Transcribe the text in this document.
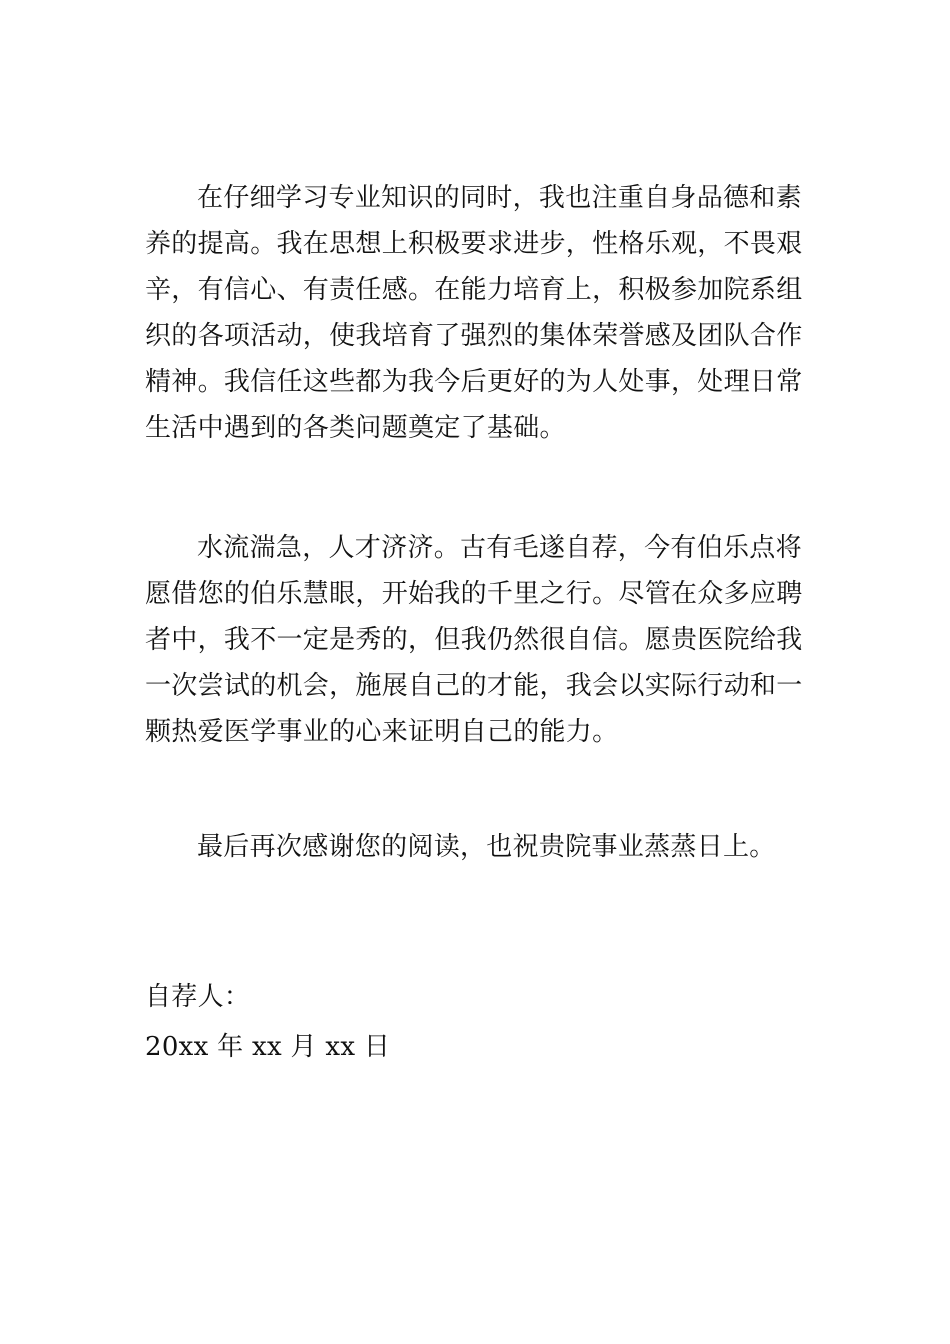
在仔细学习专业知识的同时，我也注重自身品德和素
养的提高。我在思想上积极要求进步，性格乐观，不畏艰
辛，有信心、有责任感。在能力培育上，积极参加院系组
织的各项活动，使我培育了强烈的集体荣誉感及团队合作
精神。我信任这些都为我今后更好的为人处事，处理日常
生活中遇到的各类问题奠定了基础。
水流湍急，人才济济。古有毛遂自荐，今有伯乐点将
愿借您的伯乐慧眼，开始我的千里之行。尽管在众多应聘
者中，我不一定是秀的，但我仍然很自信。愿贵医院给我
一次尝试的机会，施展自己的才能，我会以实际行动和一
颗热爱医学事业的心来证明自己的能力。
最后再次感谢您的阅读，也祝贵院事业蒸蒸日上。
自荐人：
20xx 年 xx 月 xx 日
